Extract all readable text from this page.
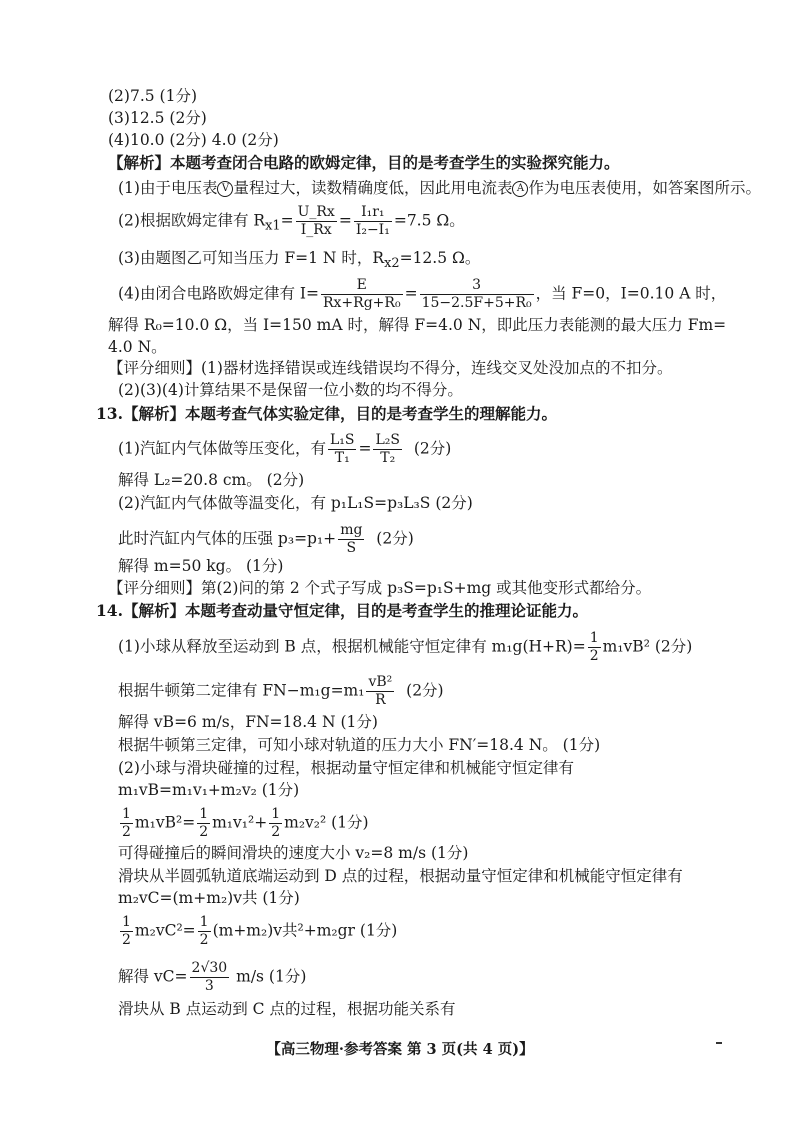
(2)7.5 (1分)
(3)12.5 (2分)
(4)10.0 (2分) 4.0 (2分)
【解析】本题考查闭合电路的欧姆定律，目的是考查学生的实验探究能力。
(1)由于电压表 V 量程过大，读数精确度低，因此用电流表 A 作为电压表使用，如答案图所示。
(2)根据欧姆定律有 $R_{x1}= \frac{U\_Rx}{I\_Rx} = \frac{\text{I₁r₁}}{\text{I₂−I₁}} =7.5$ Ω。
(3)由题图乙可知当压力 F=1 N 时，$R_{x2}=12.5$ Ω。
(4)由闭合电路欧姆定律有 $I= \frac{E}{\text{Rx+Rg+R₀}} = \frac{3}{\text{15−2.5F+5+R₀}}$ ，当 F=0，I=0.10 A 时，
解得 R₀=10.0 Ω，当 I=150 mA 时，解得 F=4.0 N，即此压力表能测的最大压力 Fm=
4.0 N。
【评分细则】(1)器材选择错误或连线错误均不得分，连线交叉处没加点的不扣分。
(2)(3)(4)计算结果不是保留一位小数的均不得分。
13.【解析】本题考查气体实验定律，目的是考查学生的理解能力。
(1)汽缸内气体做等压变化，有 $\frac{\text{L₁S}}{\text{T₁}} = \frac{\text{L₂S}}{\text{T₂}} (2$分)
解得 L₂=20.8 cm。 (2分)
(2)汽缸内气体做等温变化，有 p₁L₁S=p₃L₃S (2分)
此时汽缸内气体的压强 $p_3=p_1+ \frac{mg}{S} (2$分)
解得 m=50 kg。 (1分)
【评分细则】第(2)问的第 2 个式子写成 p₃S=p₁S+mg 或其他变形式都给分。
14.【解析】本题考查动量守恒定律，目的是考查学生的推理论证能力。
(1)小球从释放至运动到 B 点，根据机械能守恒定律有 $m_1g(H+R)= \frac{1}{2} m_1vB^2$ (2分)
根据牛顿第二定律有 $FN-m_1g=m_1 \frac{\text{vB²}}{R} (2$分)
解得 vB=6 m/s，FN=18.4 N (1分)
根据牛顿第三定律，可知小球对轨道的压力大小 FN′=18.4 N。 (1分)
(2)小球与滑块碰撞的过程，根据动量守恒定律和机械能守恒定律有
m₁vB=m₁v₁+m₂v₂ (1分)
$\frac{1}{2} m_1vB^2= \frac{1}{2} m_1v_1^2+ \frac{1}{2} m_2v_2^2$ (1分)
可得碰撞后的瞬间滑块的速度大小 v₂=8 m/s (1分)
滑块从半圆弧轨道底端运动到 D 点的过程，根据动量守恒定律和机械能守恒定律有
m₂vC=(m+m₂)v共 (1分)
$\frac{1}{2} m_2vC^2= \frac{1}{2} (m+m_2)v$共²+m₂gr (1分)
解得 $vC= \frac{2√30}{3} m/s$ (1分)
滑块从 B 点运动到 C 点的过程，根据功能关系有
【高三物理·参考答案 第 3 页(共 4 页)】
